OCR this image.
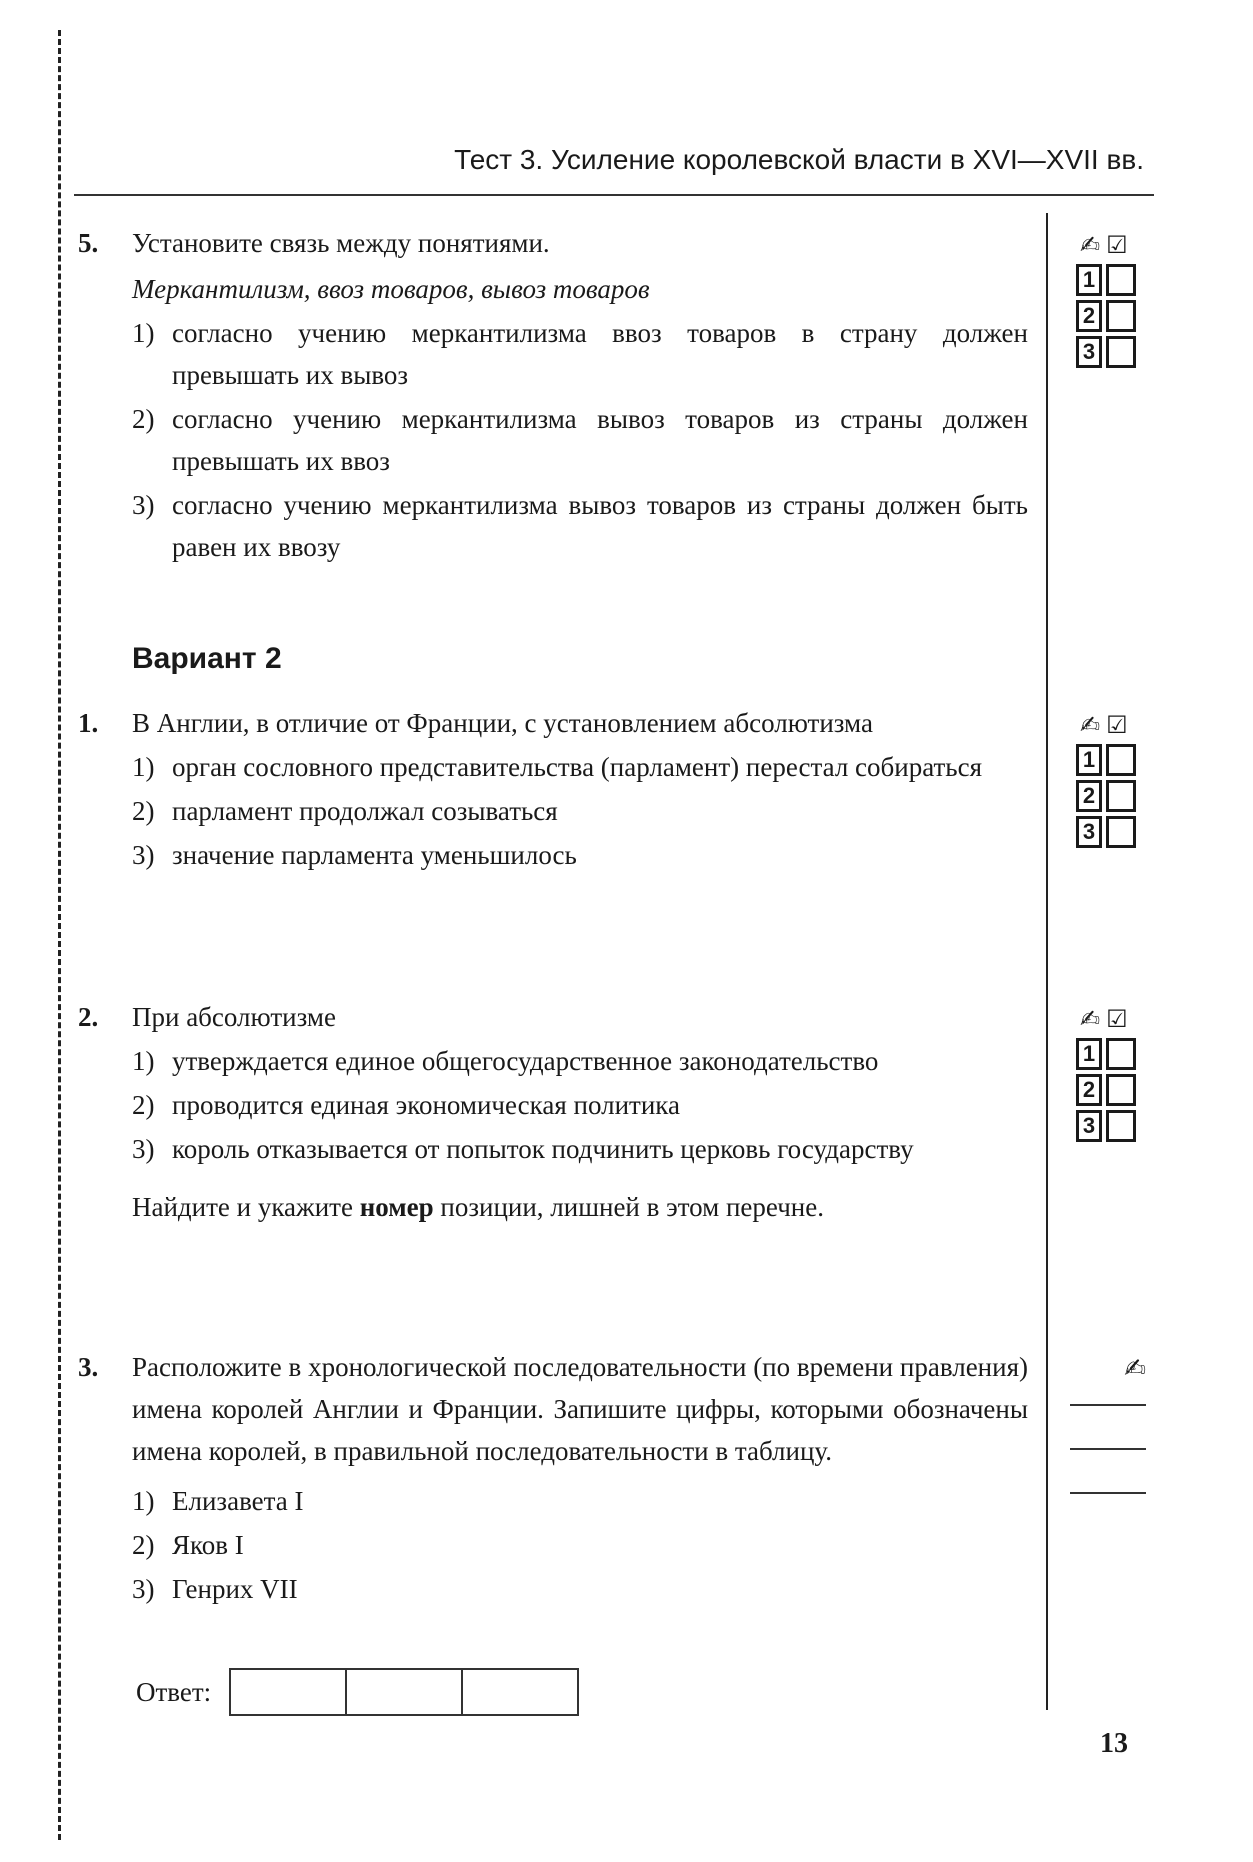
Тест 3. Усиление королевской власти в XVI—XVII вв.
5. Установите связь между понятиями.
Меркантилизм, ввоз товаров, вывоз товаров
1) согласно учению меркантилизма ввоз товаров в страну должен превышать их вывоз
2) согласно учению меркантилизма вывоз товаров из страны должен превышать их ввоз
3) согласно учению меркантилизма вывоз товаров из страны должен быть равен их ввозу
✍ ☑
1
2
3
Вариант 2
1. В Англии, в отличие от Франции, с установлением абсолютизма
1) орган сословного представительства (парламент) перестал собираться
2) парламент продолжал созываться
3) значение парламента уменьшилось
✍ ☑
1
2
3
2. При абсолютизме
1) утверждается единое общегосударственное законодательство
2) проводится единая экономическая политика
3) король отказывается от попыток подчинить церковь государству
Найдите и укажите номер позиции, лишней в этом перечне.
✍ ☑
1
2
3
3. Расположите в хронологической последовательности (по времени правления) имена королей Англии и Франции. Запишите цифры, которыми обозначены имена королей, в правильной последовательности в таблицу.
1) Елизавета I
2) Яков I
3) Генрих VII
✍
Ответ:
13
